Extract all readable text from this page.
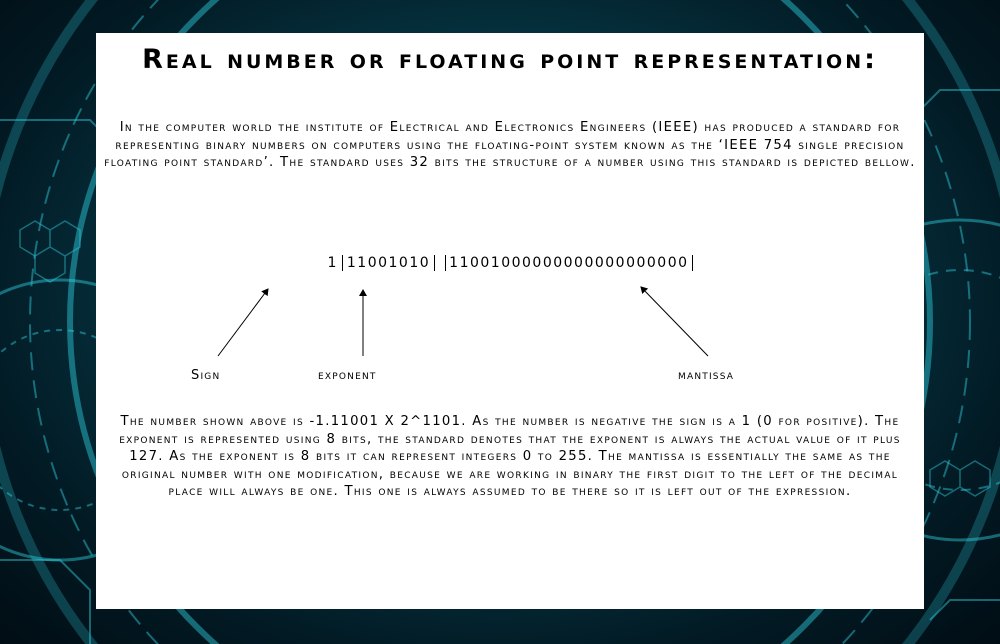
Real number or floating point representation:
In the computer world the institute of Electrical and Electronics Engineers (IEEE) has produced a standard for representing binary numbers on computers using the floating-point system known as the ‘IEEE 754 single precision floating point standard’. The standard uses 32 bits the structure of a number using this standard is depicted bellow.
1 11001010 11001000000000000000000
Sign	exponent	mantissa
The number shown above is -1.11001 X 2^1101. As the number is negative the sign is a 1 (0 for positive). The exponent is represented using 8 bits, the standard denotes that the exponent is always the actual value of it plus 127. As the exponent is 8 bits it can represent integers 0 to 255. The mantissa is essentially the same as the original number with one modification, because we are working in binary the first digit to the left of the decimal place will always be one. This one is always assumed to be there so it is left out of the expression.
